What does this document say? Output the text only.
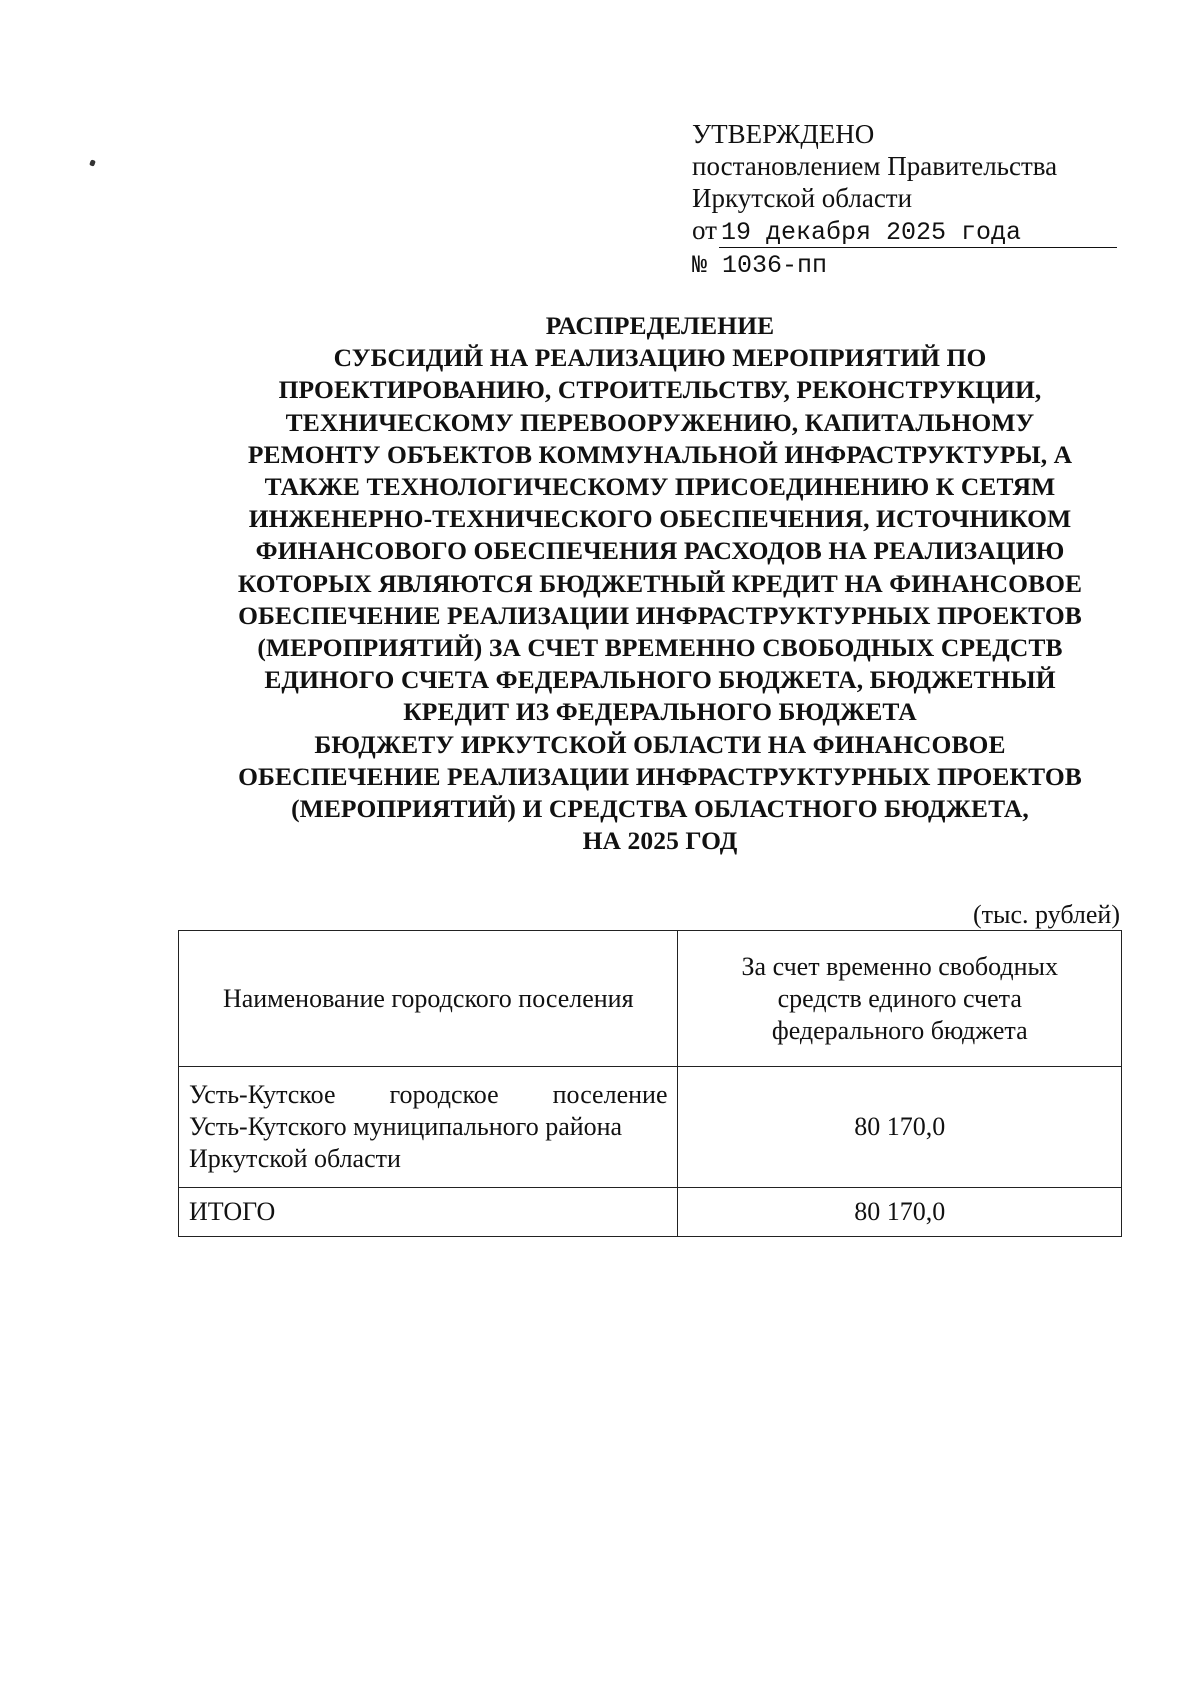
УТВЕРЖДЕНО
постановлением Правительства
Иркутской области
от 19 декабря 2025 года
№ 1036-пп
РАСПРЕДЕЛЕНИЕ
СУБСИДИЙ НА РЕАЛИЗАЦИЮ МЕРОПРИЯТИЙ ПО
ПРОЕКТИРОВАНИЮ, СТРОИТЕЛЬСТВУ, РЕКОНСТРУКЦИИ,
ТЕХНИЧЕСКОМУ ПЕРЕВООРУЖЕНИЮ, КАПИТАЛЬНОМУ
РЕМОНТУ ОБЪЕКТОВ КОММУНАЛЬНОЙ ИНФРАСТРУКТУРЫ, А
ТАКЖЕ ТЕХНОЛОГИЧЕСКОМУ ПРИСОЕДИНЕНИЮ К СЕТЯМ
ИНЖЕНЕРНО-ТЕХНИЧЕСКОГО ОБЕСПЕЧЕНИЯ, ИСТОЧНИКОМ
ФИНАНСОВОГО ОБЕСПЕЧЕНИЯ РАСХОДОВ НА РЕАЛИЗАЦИЮ
КОТОРЫХ ЯВЛЯЮТСЯ БЮДЖЕТНЫЙ КРЕДИТ НА ФИНАНСОВОЕ
ОБЕСПЕЧЕНИЕ РЕАЛИЗАЦИИ ИНФРАСТРУКТУРНЫХ ПРОЕКТОВ
(МЕРОПРИЯТИЙ) ЗА СЧЕТ ВРЕМЕННО СВОБОДНЫХ СРЕДСТВ
ЕДИНОГО СЧЕТА ФЕДЕРАЛЬНОГО БЮДЖЕТА, БЮДЖЕТНЫЙ
КРЕДИТ ИЗ ФЕДЕРАЛЬНОГО БЮДЖЕТА
БЮДЖЕТУ ИРКУТСКОЙ ОБЛАСТИ НА ФИНАНСОВОЕ
ОБЕСПЕЧЕНИЕ РЕАЛИЗАЦИИ ИНФРАСТРУКТУРНЫХ ПРОЕКТОВ
(МЕРОПРИЯТИЙ) И СРЕДСТВА ОБЛАСТНОГО БЮДЖЕТА,
НА 2025 ГОД
(тыс. рублей)
Наименование городского поселения	За счет временно свободных
средств единого счета
федерального бюджета

Усть-Кутское городское поселение
Усть-Кутского муниципального района
Иркутской области	80 170,0
ИТОГО	80 170,0
